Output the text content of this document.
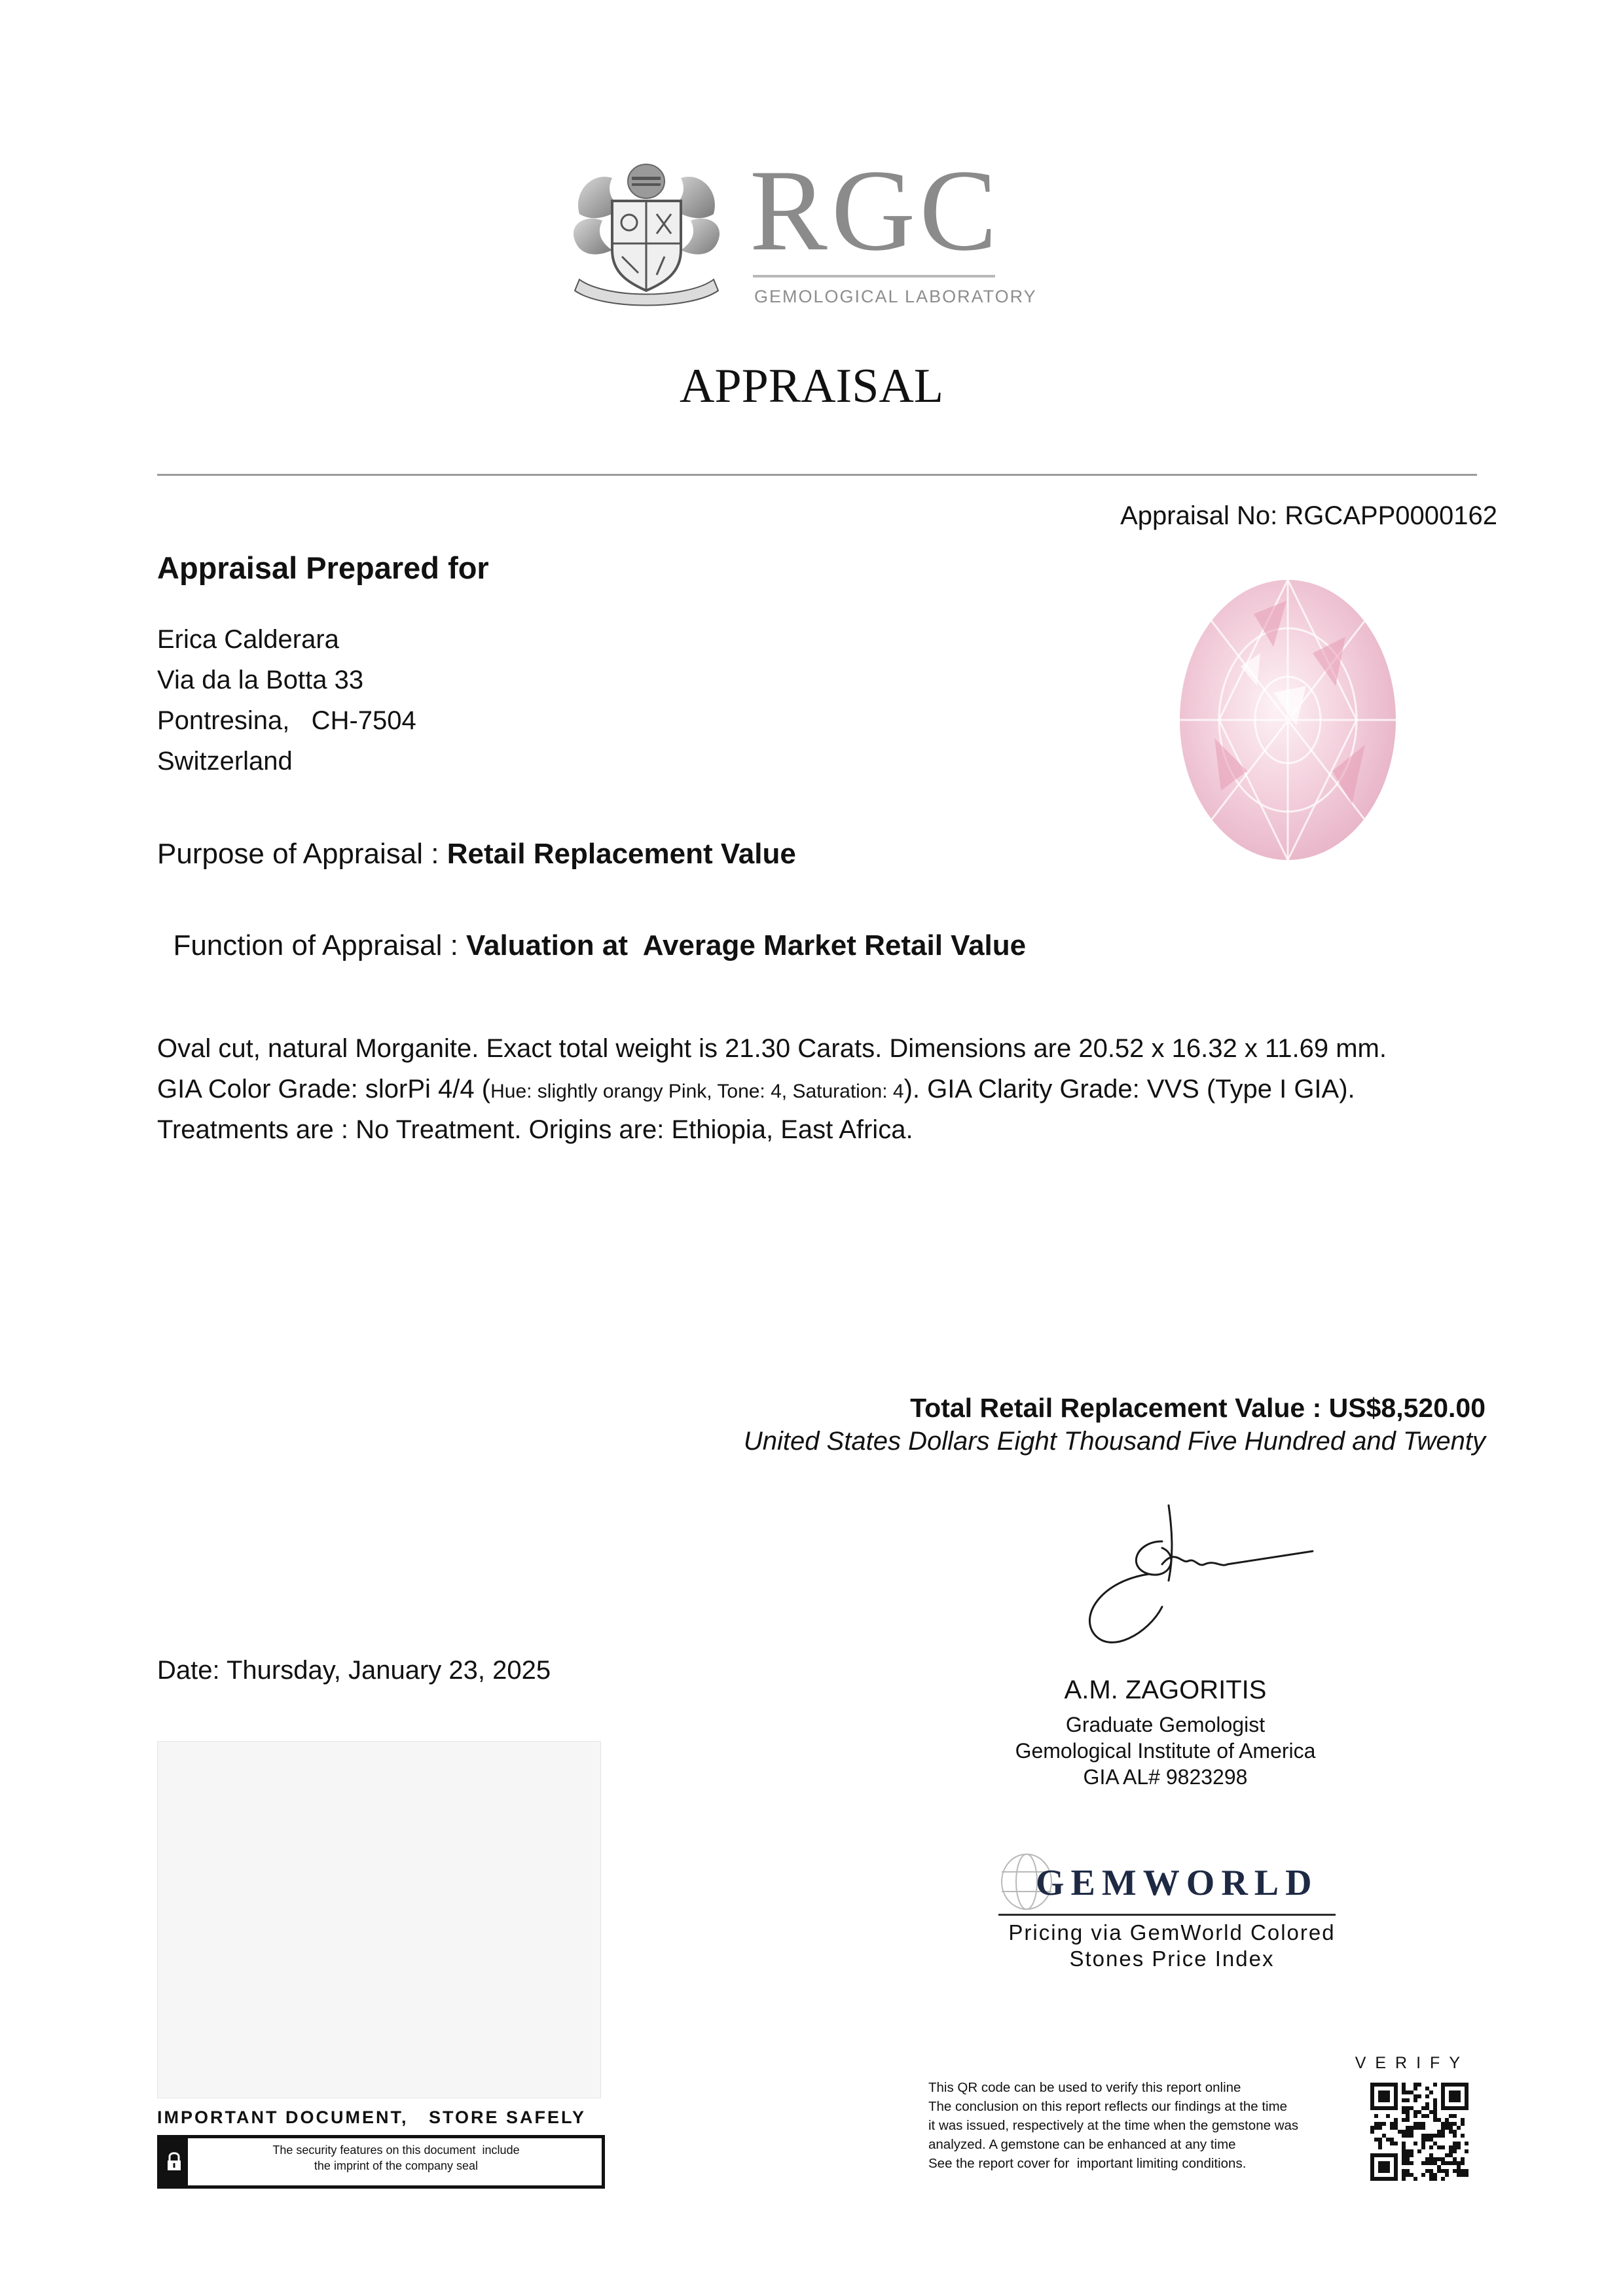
RGC
GEMOLOGICAL LABORATORY
APPRAISAL
Appraisal No: RGCAPP0000162
Appraisal Prepared for
Erica Calderara
Via da la Botta 33
Pontresina,   CH-7504
Switzerland
Purpose of Appraisal : Retail Replacement Value

Function of Appraisal : Valuation at  Average Market Retail Value

Oval cut, natural Morganite. Exact total weight is 21.30 Carats. Dimensions are 20.52 x 16.32 x 11.69 mm.
GIA Color Grade: slorPi 4/4 (Hue: slightly orangy Pink, Tone: 4, Saturation: 4). GIA Clarity Grade: VVS (Type I GIA).
Treatments are : No Treatment. Origins are: Ethiopia, East Africa.
Total Retail Replacement Value : US$8,520.00
United States Dollars Eight Thousand Five Hundred and Twenty
Date: Thursday, January 23, 2025
A.M. ZAGORITIS
Graduate Gemologist
Gemological Institute of America
GIA AL# 9823298
IMPORTANT DOCUMENT,   STORE SAFELY
The security features on this document  include
the imprint of the company seal
GEMWORLD
Pricing via GemWorld Colored
Stones Price Index
VERIFY
This QR code can be used to verify this report online
The conclusion on this report reflects our findings at the time
it was issued, respectively at the time when the gemstone was
analyzed. A gemstone can be enhanced at any time
See the report cover for  important limiting conditions.
